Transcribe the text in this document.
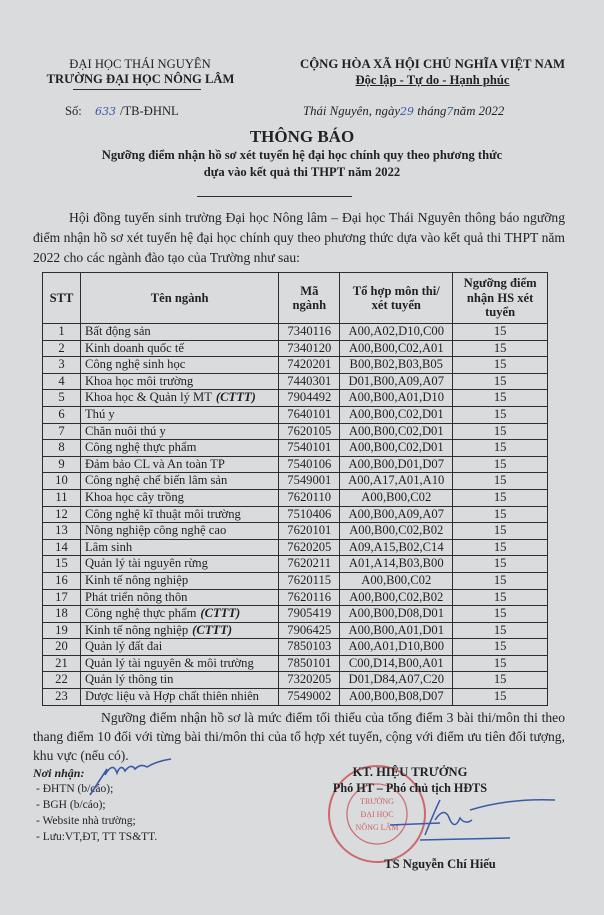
ĐẠI HỌC THÁI NGUYÊN
TRƯỜNG ĐẠI HỌC NÔNG LÂM
Số: 633 /TB-ĐHNL
CỘNG HÒA XÃ HỘI CHỦ NGHĨA VIỆT NAM
Độc lập - Tự do - Hạnh phúc
Thái Nguyên, ngày29 tháng7năm 2022
THÔNG BÁO
Ngưỡng điểm nhận hồ sơ xét tuyển hệ đại học chính quy theo phương thức
dựa vào kết quả thi THPT năm 2022
Hội đồng tuyển sinh trường Đại học Nông lâm – Đại học Thái Nguyên thông báo ngưỡng điểm nhận hồ sơ xét tuyển hệ đại học chính quy theo phương thức dựa vào kết quả thi THPT năm 2022 cho các ngành đào tạo của Trường như sau:
STT	Tên ngành	Mã ngành	Tổ hợp môn thi/ xét tuyển	Ngưỡng điểm nhận HS xét tuyển
1	Bất động sản	7340116	A00,A02,D10,C00	15
2	Kinh doanh quốc tế	7340120	A00,B00,C02,A01	15
3	Công nghệ sinh học	7420201	B00,B02,B03,B05	15
4	Khoa học môi trường	7440301	D01,B00,A09,A07	15
5	Khoa học & Quản lý MT (CTTT)	7904492	A00,B00,A01,D10	15
6	Thú y	7640101	A00,B00,C02,D01	15
7	Chăn nuôi thú y	7620105	A00,B00,C02,D01	15
8	Công nghệ thực phẩm	7540101	A00,B00,C02,D01	15
9	Đảm bảo CL và An toàn TP	7540106	A00,B00,D01,D07	15
10	Công nghệ chế biến lâm sản	7549001	A00,A17,A01,A10	15
11	Khoa học cây trồng	7620110	A00,B00,C02	15
12	Công nghệ kĩ thuật môi trường	7510406	A00,B00,A09,A07	15
13	Nông nghiệp công nghệ cao	7620101	A00,B00,C02,B02	15
14	Lâm sinh	7620205	A09,A15,B02,C14	15
15	Quản lý tài nguyên rừng	7620211	A01,A14,B03,B00	15
16	Kinh tế nông nghiệp	7620115	A00,B00,C02	15
17	Phát triển nông thôn	7620116	A00,B00,C02,B02	15
18	Công nghệ thực phẩm (CTTT)	7905419	A00,B00,D08,D01	15
19	Kinh tế nông nghiệp (CTTT)	7906425	A00,B00,A01,D01	15
20	Quản lý đất đai	7850103	A00,A01,D10,B00	15
21	Quản lý tài nguyên & môi trường	7850101	C00,D14,B00,A01	15
22	Quản lý thông tin	7320205	D01,D84,A07,C20	15
23	Dược liệu và Hợp chất thiên nhiên	7549002	A00,B00,B08,D07	15
Ngưỡng điểm nhận hồ sơ là mức điểm tối thiểu của tổng điểm 3 bài thi/môn thi theo thang điểm 10 đối với từng bài thi/môn thi của tổ hợp xét tuyển, cộng với điểm ưu tiên đối tượng, khu vực (nếu có).
Nơi nhận:
- ĐHTN (b/cáo);
- BGH (b/cáo);
- Website nhà trường;
- Lưu:VT,ĐT, TT TS&TT.
TRƯỜNG
ĐẠI HỌC
NÔNG LÂM
KT. HIỆU TRƯỞNG
Phó HT – Phó chủ tịch HĐTS
TS Nguyễn Chí Hiếu
